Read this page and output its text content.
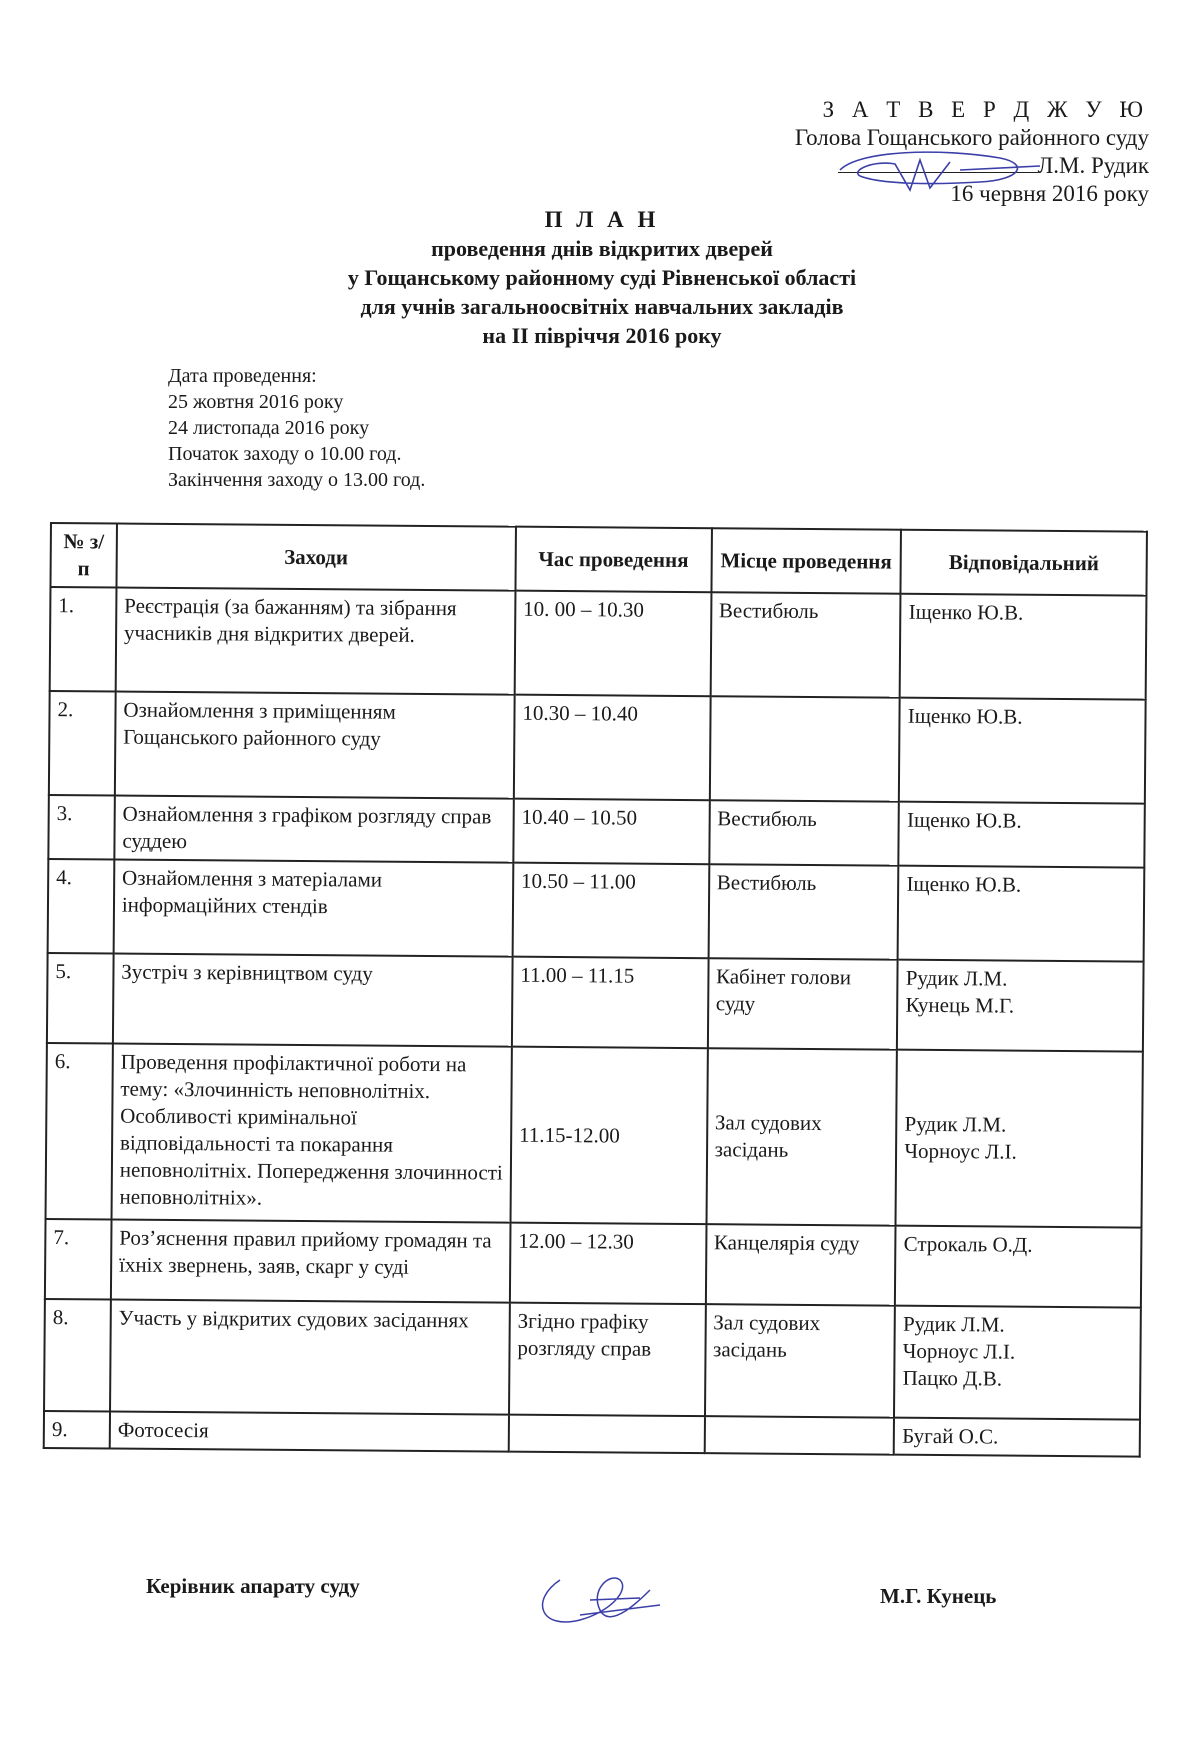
З А Т В Е Р Д Ж У Ю
Голова Гощанського районного суду
Л.М. Рудик
16 червня 2016 року
П Л А Н
проведення днів відкритих дверей
у Гощанському районному суді Рівненської області
для учнів загальноосвітніх навчальних закладів
на ІІ півріччя 2016 року
Дата проведення:
25 жовтня 2016 року
24 листопада 2016 року
Початок заходу о 10.00 год.
Закінчення заходу о 13.00 год.
№ з/п	Заходи	Час проведення	Місце проведення	Відповідальний
1.	Реєстрація (за бажанням) та зібрання учасників дня відкритих дверей.	10. 00 – 10.30	Вестибюль	Іщенко Ю.В.
2.	Ознайомлення з приміщенням Гощанського районного суду	10.30 – 10.40		Іщенко Ю.В.
3.	Ознайомлення з графіком розгляду справ суддею	10.40 – 10.50	Вестибюль	Іщенко Ю.В.
4.	Ознайомлення з матеріалами інформаційних стендів	10.50 – 11.00	Вестибюль	Іщенко Ю.В.
5.	Зустріч з керівництвом суду	11.00 – 11.15	Кабінет голови суду	Рудик Л.М.
Кунець М.Г.
6.	Проведення профілактичної роботи на тему: «Злочинність неповнолітніх. Особливості кримінальної відповідальності та покарання неповнолітніх. Попередження злочинності неповнолітніх».	11.15-12.00	Зал судових засідань	Рудик Л.М.
Чорноус Л.І.
7.	Роз’яснення правил прийому громадян та їхніх звернень, заяв, скарг у суді	12.00 – 12.30	Канцелярія суду	Строкаль О.Д.
8.	Участь у відкритих судових засіданнях	Згідно графіку розгляду справ	Зал судових засідань	Рудик Л.М.
Чорноус Л.І.
Пацко Д.В.
9.	Фотосесія			Бугай О.С.
Керівник апарату суду	М.Г. Кунець
